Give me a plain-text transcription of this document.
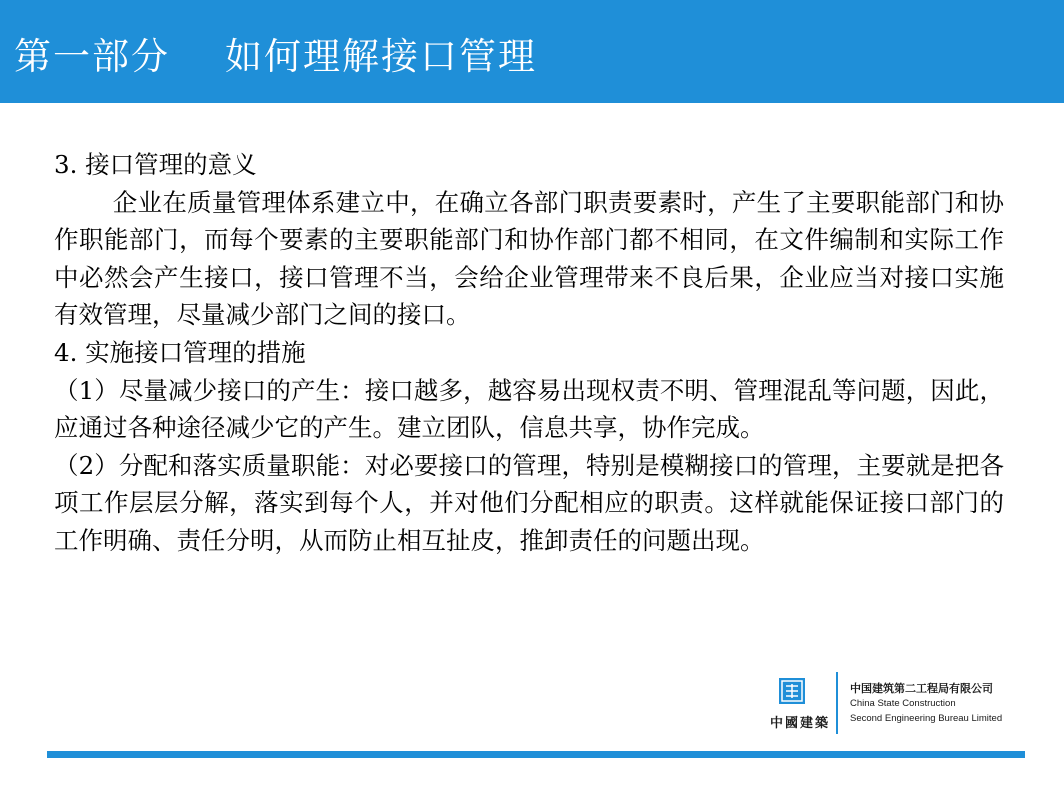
第一部分    如何理解接口管理

3. 接口管理的意义

企业在质量管理体系建立中，在确立各部门职责要素时，产生了主要职能部门和协作职能部门，而每个要素的主要职能部门和协作部门都不相同，在文件编制和实际工作中必然会产生接口，接口管理不当，会给企业管理带来不良后果，企业应当对接口实施有效管理，尽量减少部门之间的接口。

4. 实施接口管理的措施

（1）尽量减少接口的产生：接口越多，越容易出现权责不明、管理混乱等问题，因此，应通过各种途径减少它的产生。建立团队，信息共享，协作完成。

（2）分配和落实质量职能：对必要接口的管理，特别是模糊接口的管理，主要就是把各项工作层层分解，落实到每个人，并对他们分配相应的职责。这样就能保证接口部门的工作明确、责任分明，从而防止相互扯皮，推卸责任的问题出现。

中國建築
中国建筑第二工程局有限公司
China State Construction
Second Engineering Bureau Limited
